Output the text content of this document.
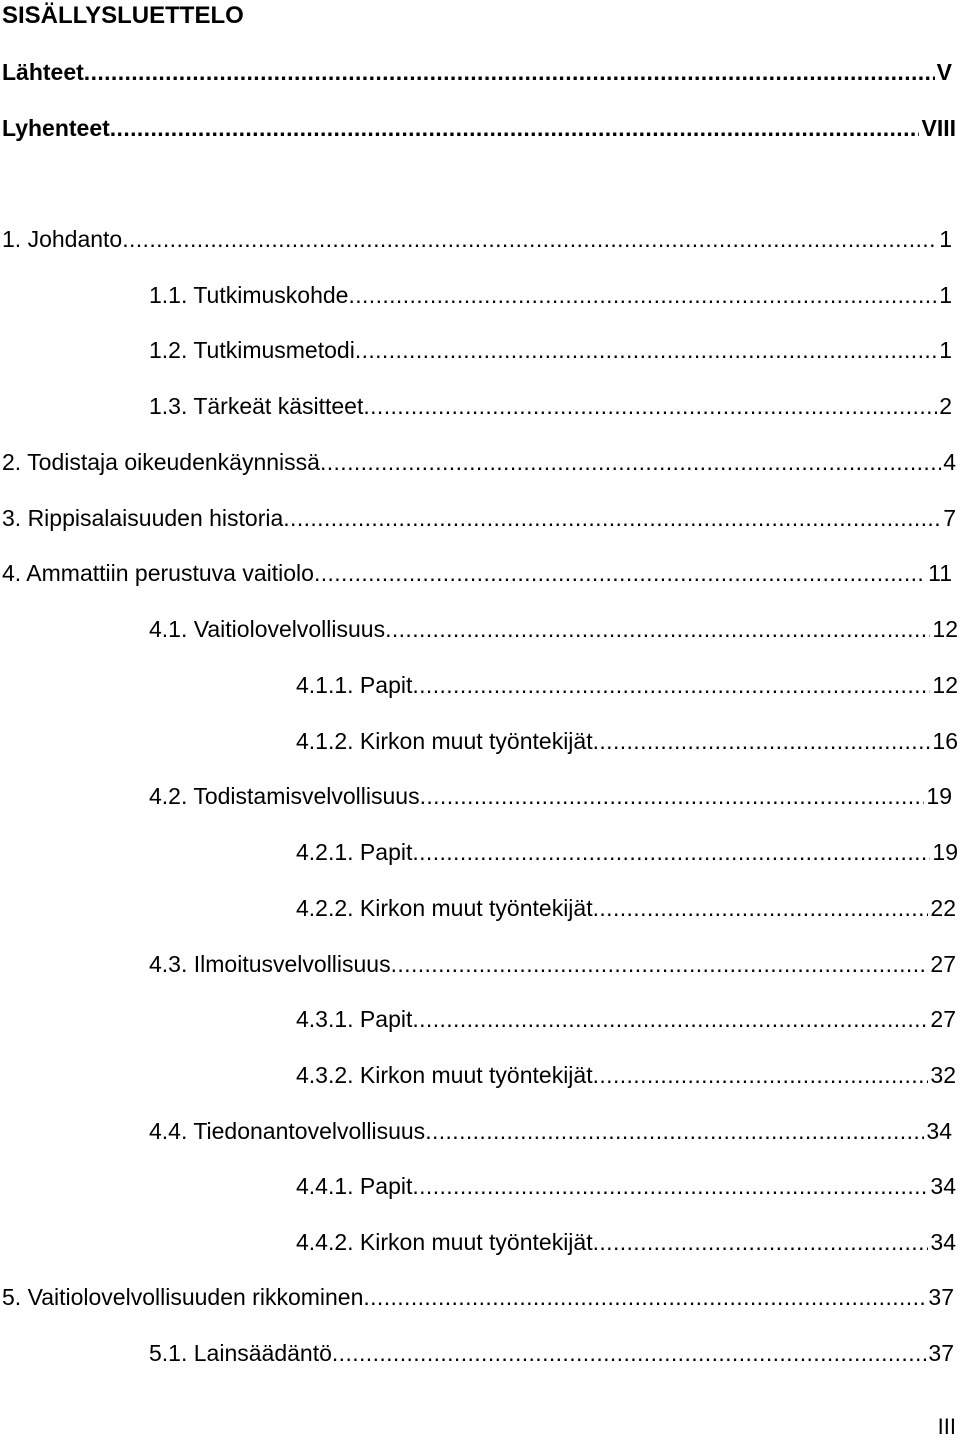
SISÄLLYSLUETTELO
Lähteet . . .	V
Lyhenteet . . .	VIII
1. Johdanto . . .	1
1.1. Tutkimuskohde . . .	1
1.2. Tutkimusmetodi . . .	1
1.3. Tärkeät käsitteet . . .	2
2. Todistaja oikeudenkäynnissä . . .	4
3. Rippisalaisuuden historia . . .	7
4. Ammattiin perustuva vaitiolo . . .	11
4.1. Vaitiolovelvollisuus . . .	12
4.1.1. Papit . . .	12
4.1.2. Kirkon muut työntekijät . . .	16
4.2. Todistamisvelvollisuus . . .	19
4.2.1. Papit . . .	19
4.2.2. Kirkon muut työntekijät . . .	22
4.3. Ilmoitusvelvollisuus . . .	27
4.3.1. Papit . . .	27
4.3.2. Kirkon muut työntekijät . . .	32
4.4. Tiedonantovelvollisuus . . .	34
4.4.1. Papit . . .	34
4.4.2. Kirkon muut työntekijät . . .	34
5. Vaitiolovelvollisuuden rikkominen . . .	37
5.1. Lainsäädäntö . . .	37
III
